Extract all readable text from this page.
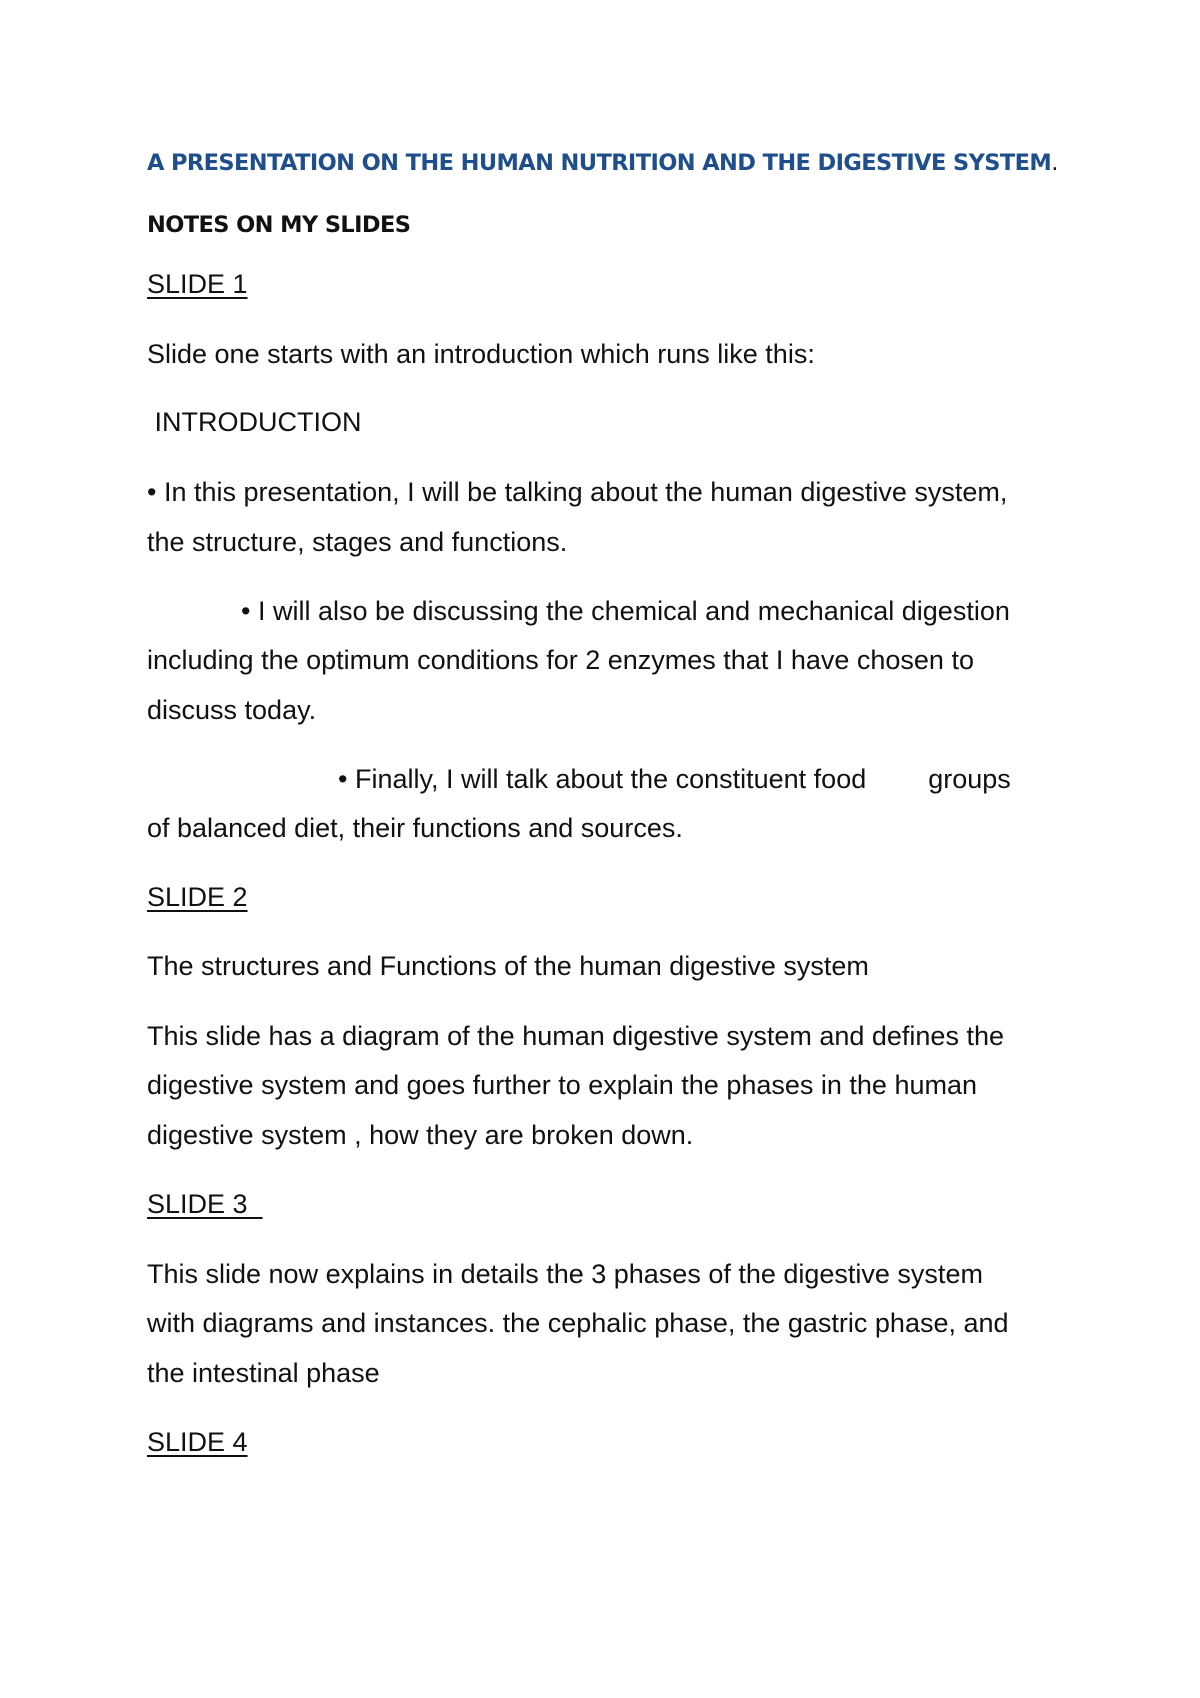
A PRESENTATION ON THE HUMAN NUTRITION AND THE DIGESTIVE SYSTEM.

NOTES ON MY SLIDES

SLIDE 1

Slide one starts with an introduction which runs like this:

INTRODUCTION

• In this presentation, I will be talking about the human digestive system,

the structure, stages and functions.

• I will also be discussing the chemical and mechanical digestion

including the optimum conditions for 2 enzymes that I have chosen to

discuss today.

• Finally, I will talk about the constituent food groups

of balanced diet, their functions and sources.

SLIDE 2

The structures and Functions of the human digestive system

This slide has a diagram of the human digestive system and defines the

digestive system and goes further to explain the phases in the human

digestive system , how they are broken down.

SLIDE 3

This slide now explains in details the 3 phases of the digestive system

with diagrams and instances. the cephalic phase, the gastric phase, and

the intestinal phase

SLIDE 4
